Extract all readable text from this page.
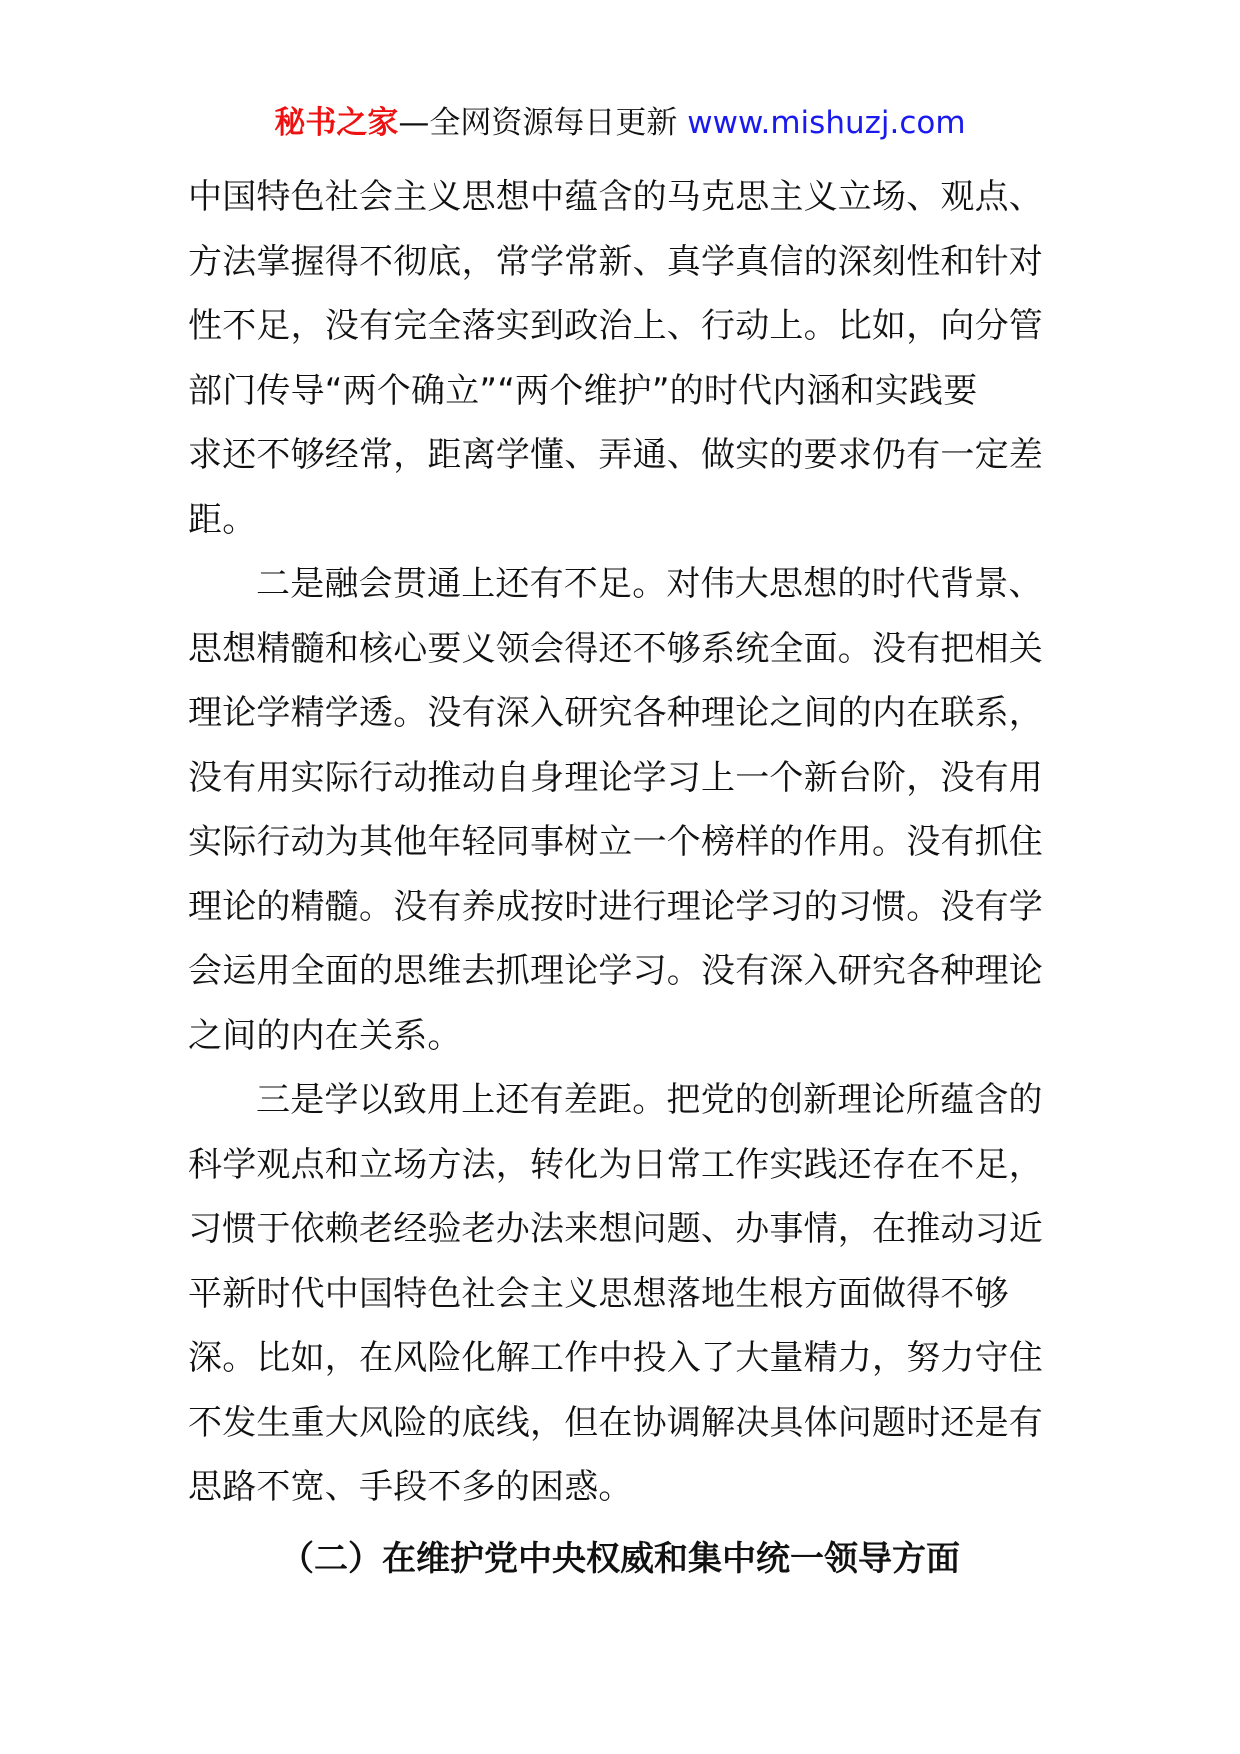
秘书之家—全网资源每日更新 www.mishuzj.com

中国特色社会主义思想中蕴含的马克思主义立场、观点、
方法掌握得不彻底，常学常新、真学真信的深刻性和针对
性不足，没有完全落实到政治上、行动上。比如，向分管
部门传导“两个确立”“两个维护”的时代内涵和实践要
求还不够经常，距离学懂、弄通、做实的要求仍有一定差
距。

二是融会贯通上还有不足。对伟大思想的时代背景、
思想精髓和核心要义领会得还不够系统全面。没有把相关
理论学精学透。没有深入研究各种理论之间的内在联系，
没有用实际行动推动自身理论学习上一个新台阶，没有用
实际行动为其他年轻同事树立一个榜样的作用。没有抓住
理论的精髓。没有养成按时进行理论学习的习惯。没有学
会运用全面的思维去抓理论学习。没有深入研究各种理论
之间的内在关系。

三是学以致用上还有差距。把党的创新理论所蕴含的
科学观点和立场方法，转化为日常工作实践还存在不足，
习惯于依赖老经验老办法来想问题、办事情，在推动习近
平新时代中国特色社会主义思想落地生根方面做得不够
深。比如，在风险化解工作中投入了大量精力，努力守住
不发生重大风险的底线，但在协调解决具体问题时还是有
思路不宽、手段不多的困惑。

（二）在维护党中央权威和集中统一领导方面
